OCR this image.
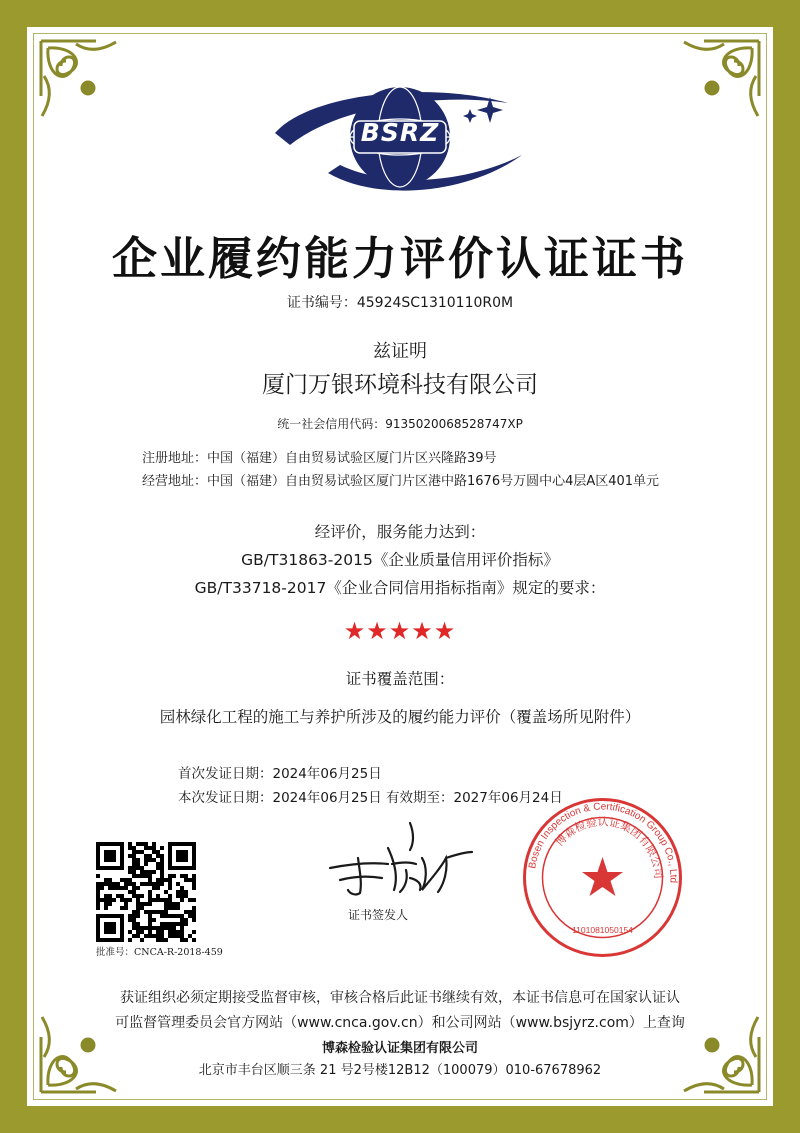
BSRZ
企业履约能力评价认证证书
证书编号：45924SC1310110R0M
兹证明
厦门万银环境科技有限公司
统一社会信用代码：9135020068528747XP
注册地址：中国（福建）自由贸易试验区厦门片区兴隆路39号
经营地址：中国（福建）自由贸易试验区厦门片区港中路1676号万圆中心4层A区401单元
经评价，服务能力达到：
GB/T31863-2015《企业质量信用评价指标》
GB/T33718-2017《企业合同信用指标指南》规定的要求：
★★★★★
证书覆盖范围：
园林绿化工程的施工与养护所涉及的履约能力评价（覆盖场所见附件）
首次发证日期：2024年06月25日
本次发证日期：2024年06月25日 有效期至：2027年06月24日
批准号：CNCA-R-2018-459
证书签发人
Bosen Inspection & Certification Group Co., Ltd
博森检验认证集团有限公司
1101081050154
获证组织必须定期接受监督审核，审核合格后此证书继续有效，本证书信息可在国家认证认
可监督管理委员会官方网站（www.cnca.gov.cn）和公司网站（www.bsjyrz.com）上查询
博森检验认证集团有限公司
北京市丰台区顺三条 21 号2号楼12B12（100079）010-67678962
